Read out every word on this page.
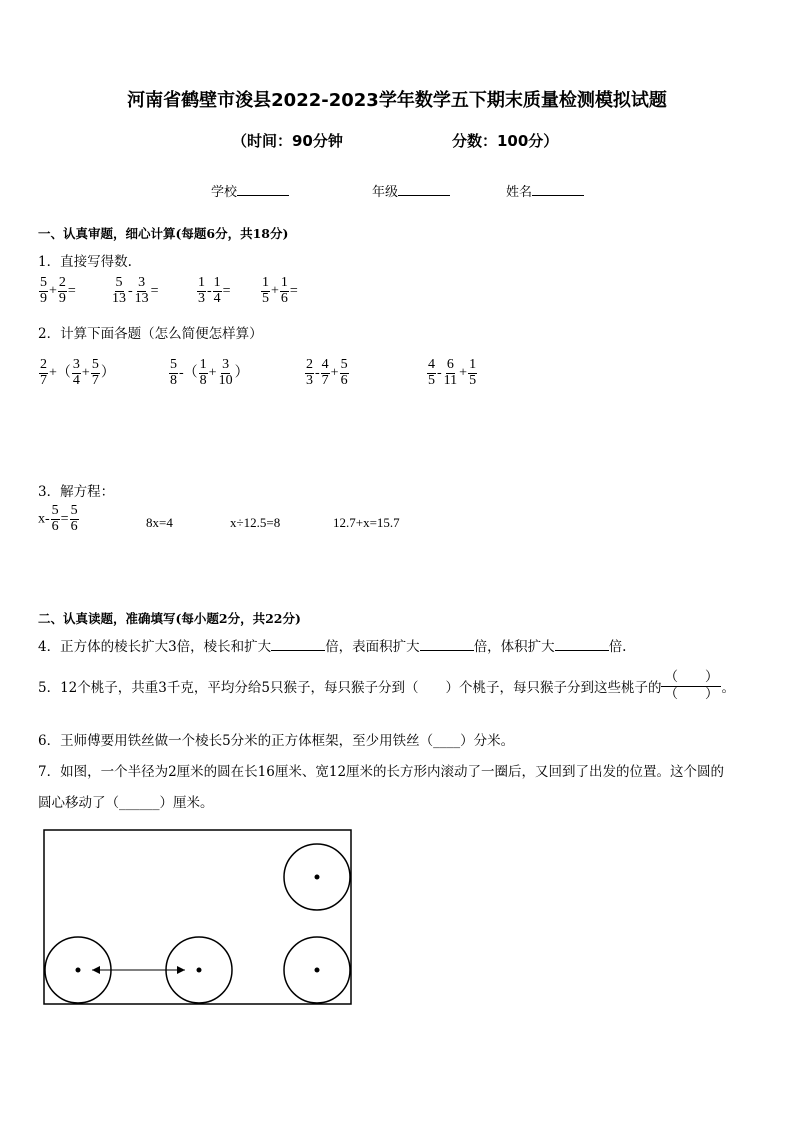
河南省鹤壁市浚县2022-2023学年数学五下期末质量检测模拟试题
（时间：90分钟	分数：100分）
学校	年级	姓名
一、认真审题，细心计算(每题6分，共18分)
1．直接写得数.
$\frac{5}{9} + \frac{2}{9}$ =	$\frac{5}{13} - \frac{3}{13}$ =	$\frac{1}{3} - \frac{1}{4} = \frac{1}{5} + \frac{1}{6}$ =
2．计算下面各题（怎么简便怎样算）
$\frac{2}{7}$ +（ $\frac{3}{4} + \frac{5}{7}$ ）	$\frac{5}{8}$ -（ $\frac{1}{8} + \frac{3}{10}$ ）	$\frac{2}{3} - \frac{4}{7} + \frac{5}{6}$	$\frac{4}{5} - \frac{6}{11} + \frac{1}{5}$
3．解方程：
$x- \frac{5}{6} = \frac{5}{6}$	8x=4	x÷12.5=8	12.7+x=15.7
二、认真读题，准确填写(每小题2分，共22分)
4．正方体的棱长扩大3倍，棱长和扩大	倍，表面积扩大	倍，体积扩大	倍.
5．12个桃子，共重3千克，平均分给5只猴子，每只猴子分到（　　）个桃子，每只猴子分到这些桃子的 $\frac{( )}{( )}$ 。
6．王师傅要用铁丝做一个棱长5分米的正方体框架，至少用铁丝（____）分米。
7．如图，一个半径为2厘米的圆在长16厘米、宽12厘米的长方形内滚动了一圈后，又回到了出发的位置。这个圆的
圆心移动了（______）厘米。
